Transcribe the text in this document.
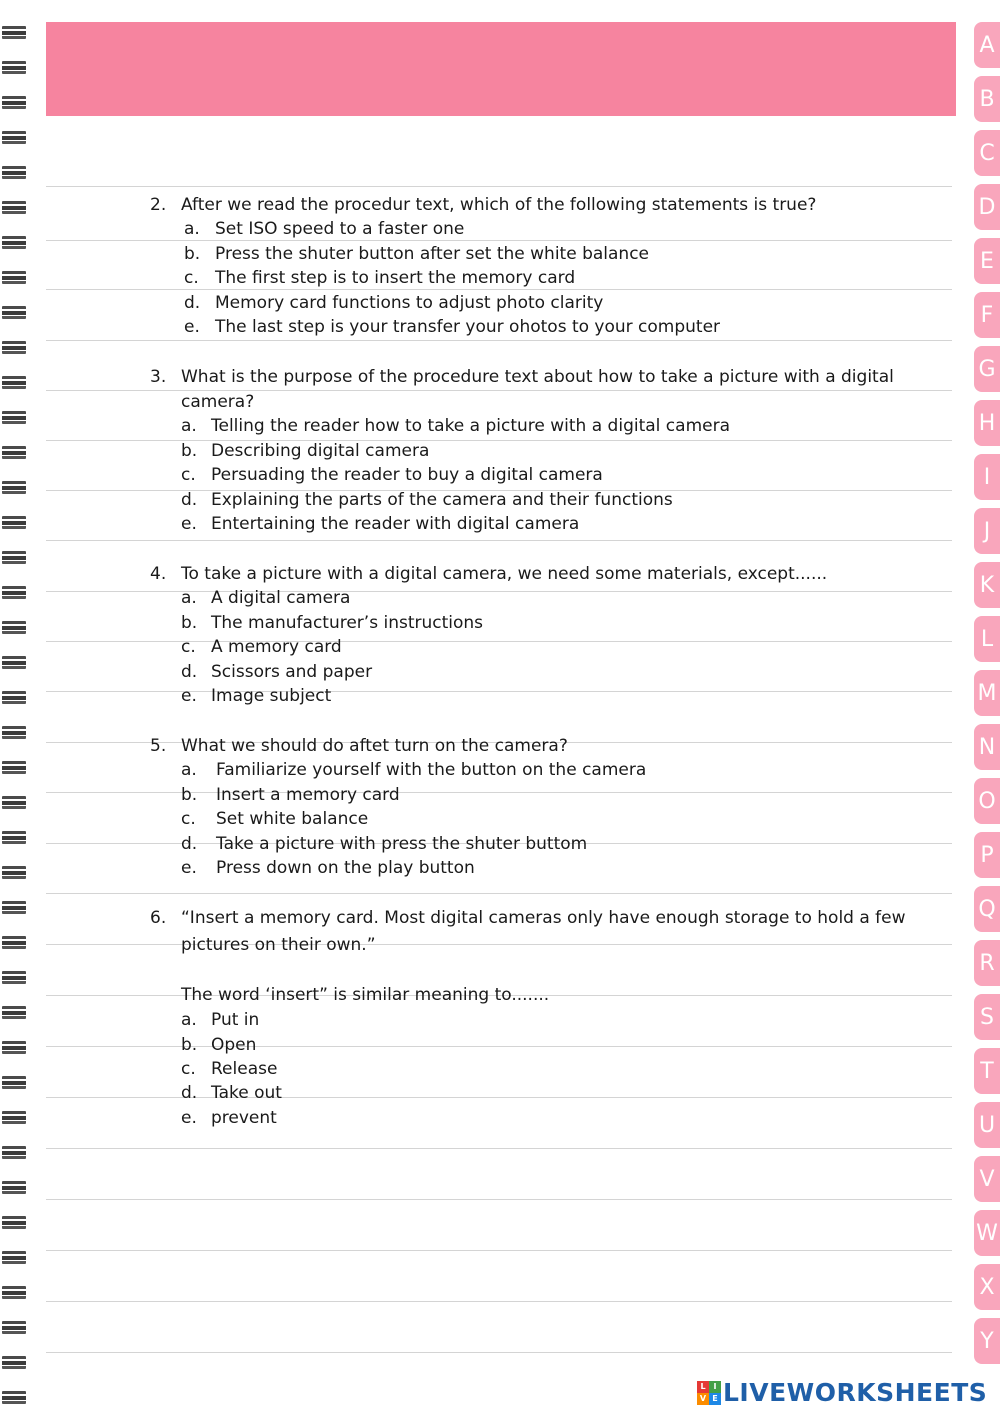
A
B
C
D
E
F
G
H
I
J
K
L
M
N
O
P
Q
R
S
T
U
V
W
X
Y
2. After we read the procedur text, which of the following statements is true?
a. Set ISO speed to a faster one
b. Press the shuter button after set the white balance
c. The first step is to insert the memory card
d. Memory card functions to adjust photo clarity
e. The last step is your transfer your ohotos to your computer
3. What is the purpose of the procedure text about how to take a picture with a digital
camera?
a. Telling the reader how to take a picture with a digital camera
b. Describing digital camera
c. Persuading the reader to buy a digital camera
d. Explaining the parts of the camera and their functions
e. Entertaining the reader with digital camera
4. To take a picture with a digital camera, we need some materials, except......
a. A digital camera
b. The manufacturer’s instructions
c. A memory card
d. Scissors and paper
e. Image subject
5. What we should do aftet turn on the camera?
a. Familiarize yourself with the button on the camera
b. Insert a memory card
c. Set white balance
d. Take a picture with press the shuter buttom
e. Press down on the play button
6. “Insert a memory card. Most digital cameras only have enough storage to hold a few
pictures on their own.”
The word ‘insert” is similar meaning to.......
a. Put in
b. Open
c. Release
d. Take out
e. prevent
L I
V E LIVEWORKSHEETS
